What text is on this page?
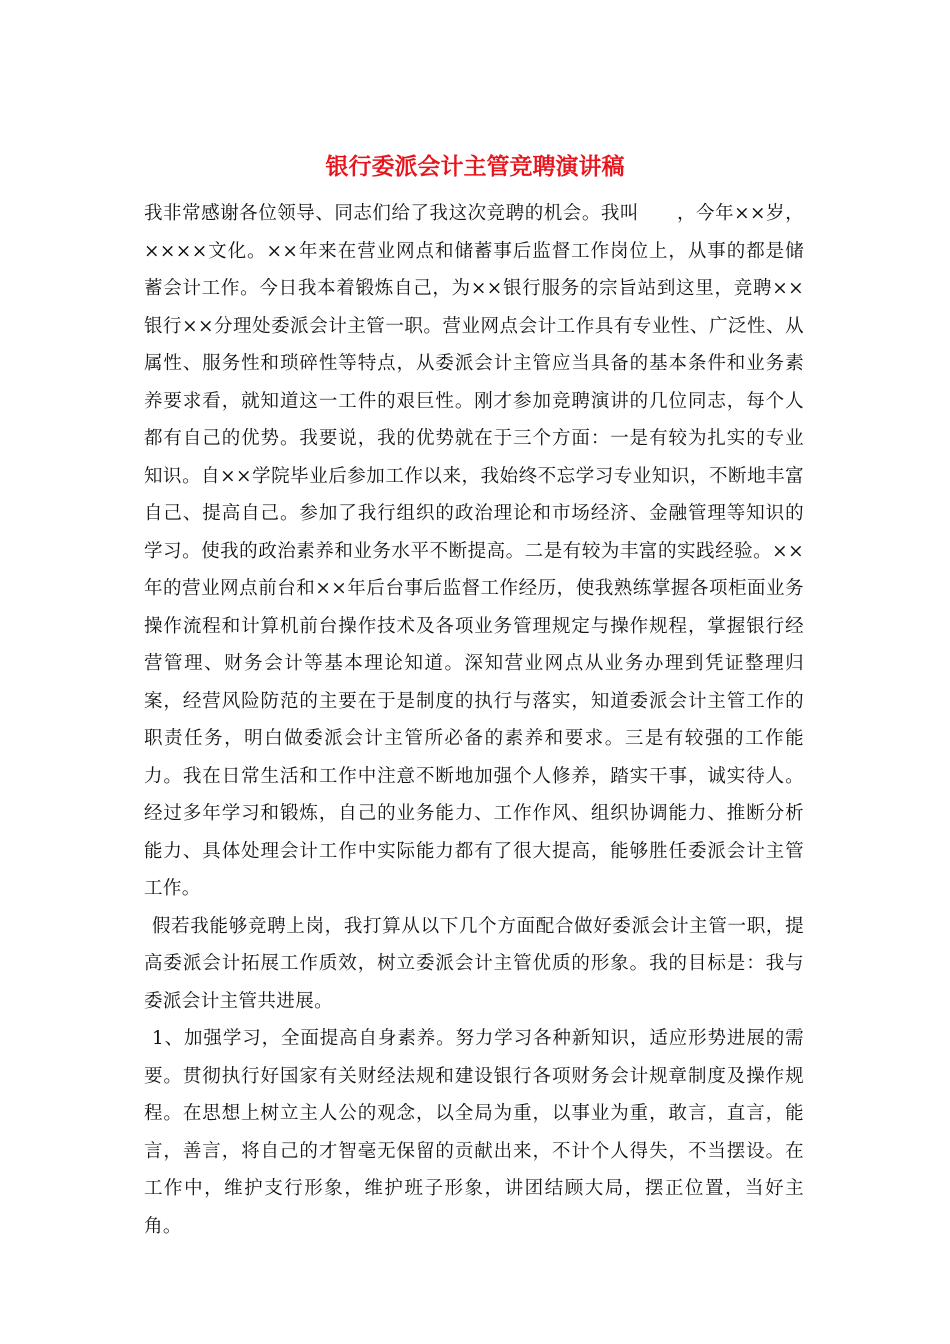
银行委派会计主管竞聘演讲稿

我非常感谢各位领导、同志们给了我这次竞聘的机会。我叫　　，今年××岁，××××文化。××年来在营业网点和储蓄事后监督工作岗位上，从事的都是储蓄会计工作。今日我本着锻炼自己，为××银行服务的宗旨站到这里，竞聘××银行××分理处委派会计主管一职。营业网点会计工作具有专业性、广泛性、从属性、服务性和琐碎性等特点，从委派会计主管应当具备的基本条件和业务素养要求看，就知道这一工件的艰巨性。刚才参加竞聘演讲的几位同志，每个人都有自己的优势。我要说，我的优势就在于三个方面：一是有较为扎实的专业知识。自××学院毕业后参加工作以来，我始终不忘学习专业知识，不断地丰富自己、提高自己。参加了我行组织的政治理论和市场经济、金融管理等知识的学习。使我的政治素养和业务水平不断提高。二是有较为丰富的实践经验。××年的营业网点前台和××年后台事后监督工作经历，使我熟练掌握各项柜面业务操作流程和计算机前台操作技术及各项业务管理规定与操作规程，掌握银行经营管理、财务会计等基本理论知道。深知营业网点从业务办理到凭证整理归案，经营风险防范的主要在于是制度的执行与落实，知道委派会计主管工作的职责任务，明白做委派会计主管所必备的素养和要求。三是有较强的工作能力。我在日常生活和工作中注意不断地加强个人修养，踏实干事，诚实待人。经过多年学习和锻炼，自己的业务能力、工作作风、组织协调能力、推断分析能力、具体处理会计工作中实际能力都有了很大提高，能够胜任委派会计主管工作。

假若我能够竞聘上岗，我打算从以下几个方面配合做好委派会计主管一职，提高委派会计拓展工作质效，树立委派会计主管优质的形象。我的目标是：我与委派会计主管共进展。

1、加强学习，全面提高自身素养。努力学习各种新知识，适应形势进展的需要。贯彻执行好国家有关财经法规和建设银行各项财务会计规章制度及操作规程。在思想上树立主人公的观念，以全局为重，以事业为重，敢言，直言，能言，善言，将自己的才智毫无保留的贡献出来，不计个人得失，不当摆设。在工作中，维护支行形象，维护班子形象，讲团结顾大局，摆正位置，当好主角。
